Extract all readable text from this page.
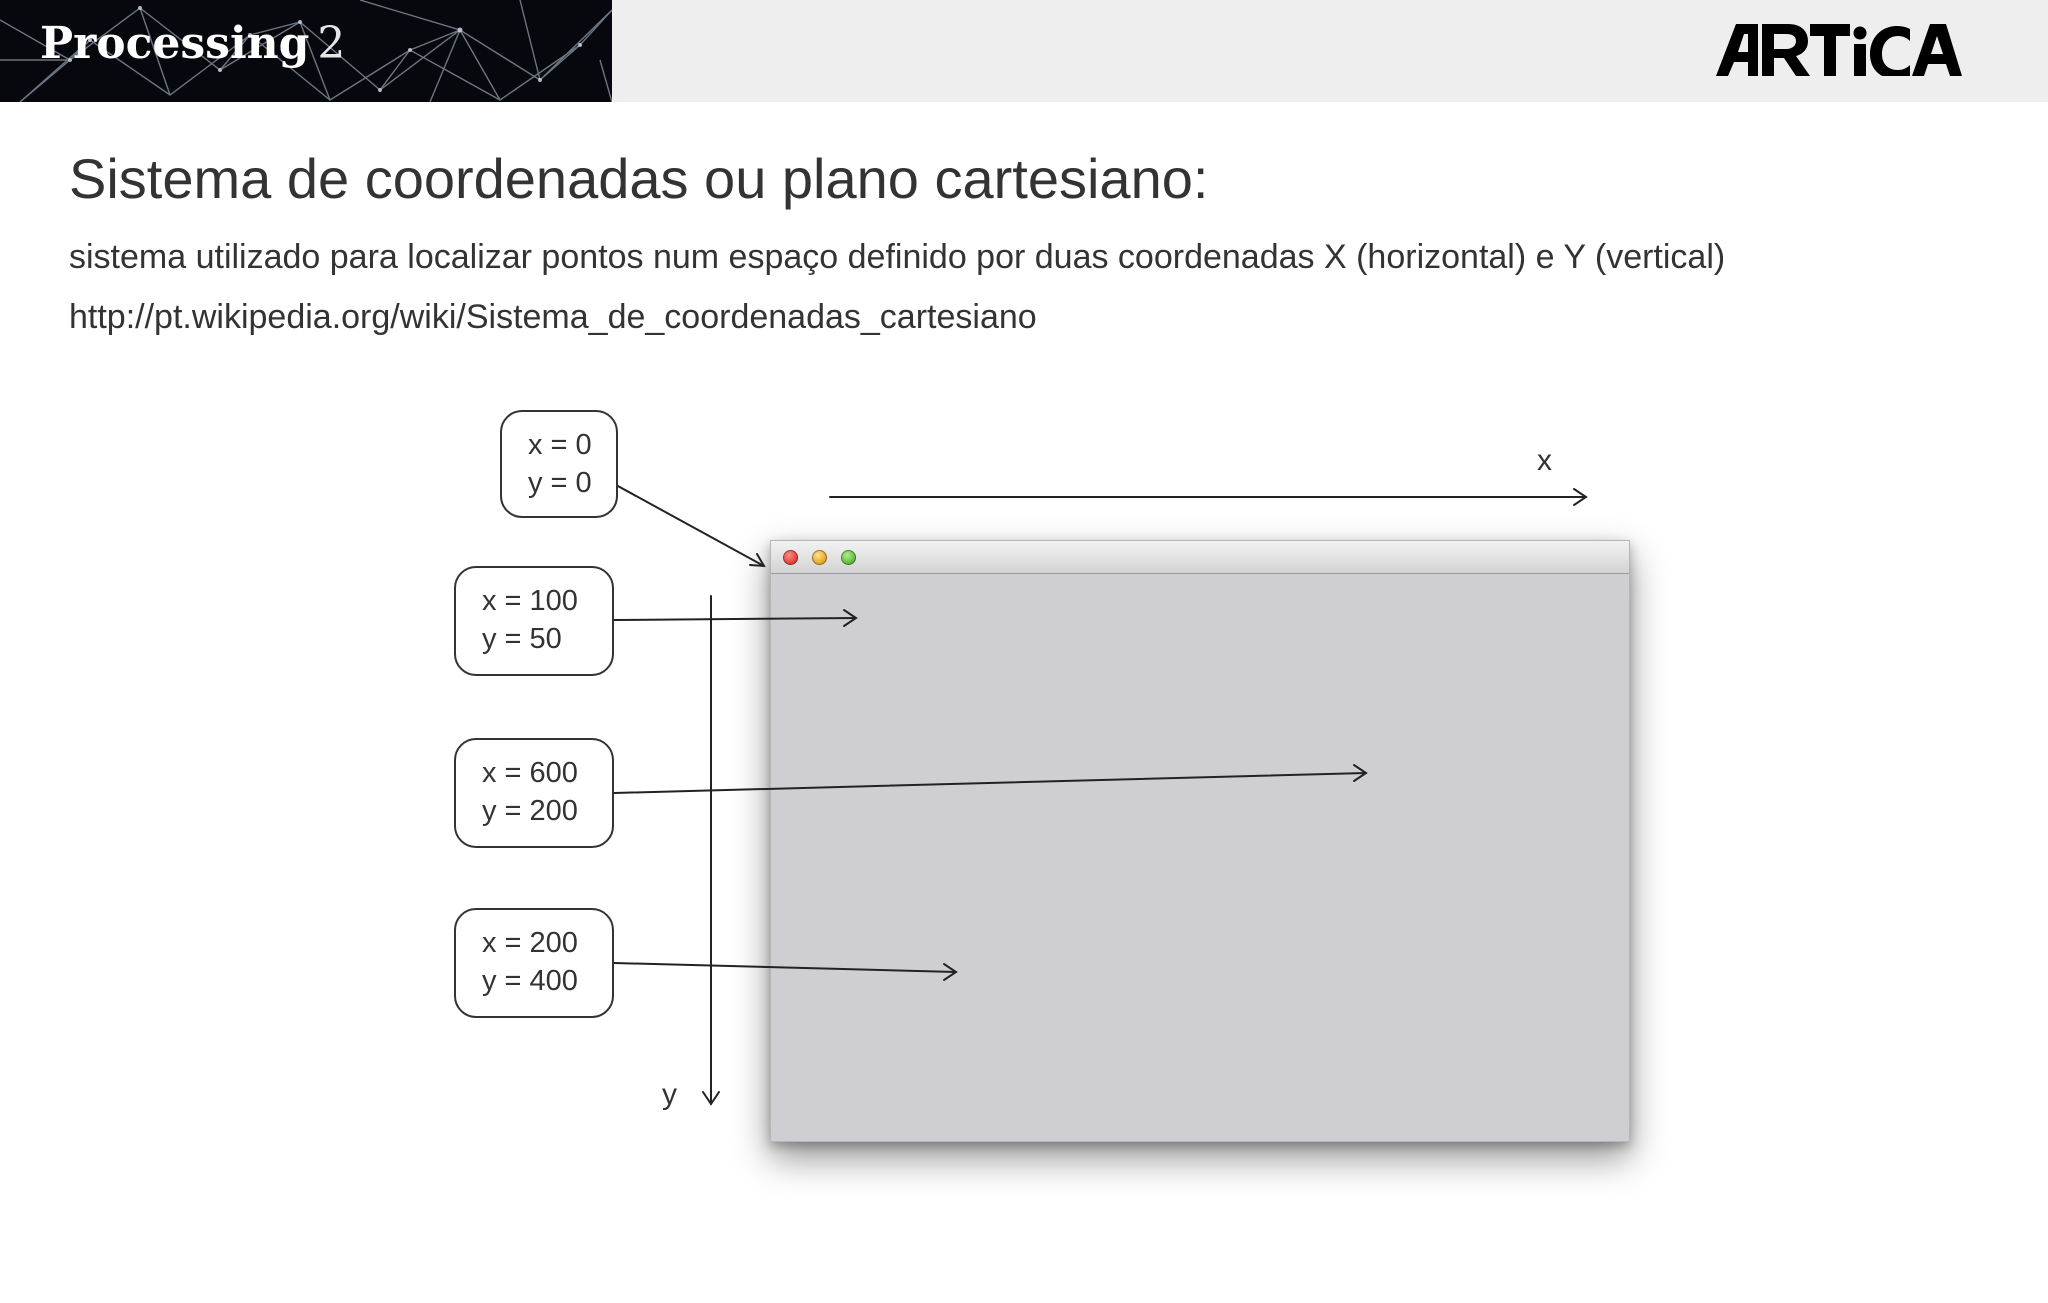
Processing 2
Sistema de coordenadas ou plano cartesiano:
sistema utilizado para localizar pontos num espaço definido por duas coordenadas X (horizontal) e Y (vertical)
http://pt.wikipedia.org/wiki/Sistema_de_coordenadas_cartesiano
x = 0
y = 0
x = 100
y = 50
x = 600
y = 200
x = 200
y = 400
x
y
